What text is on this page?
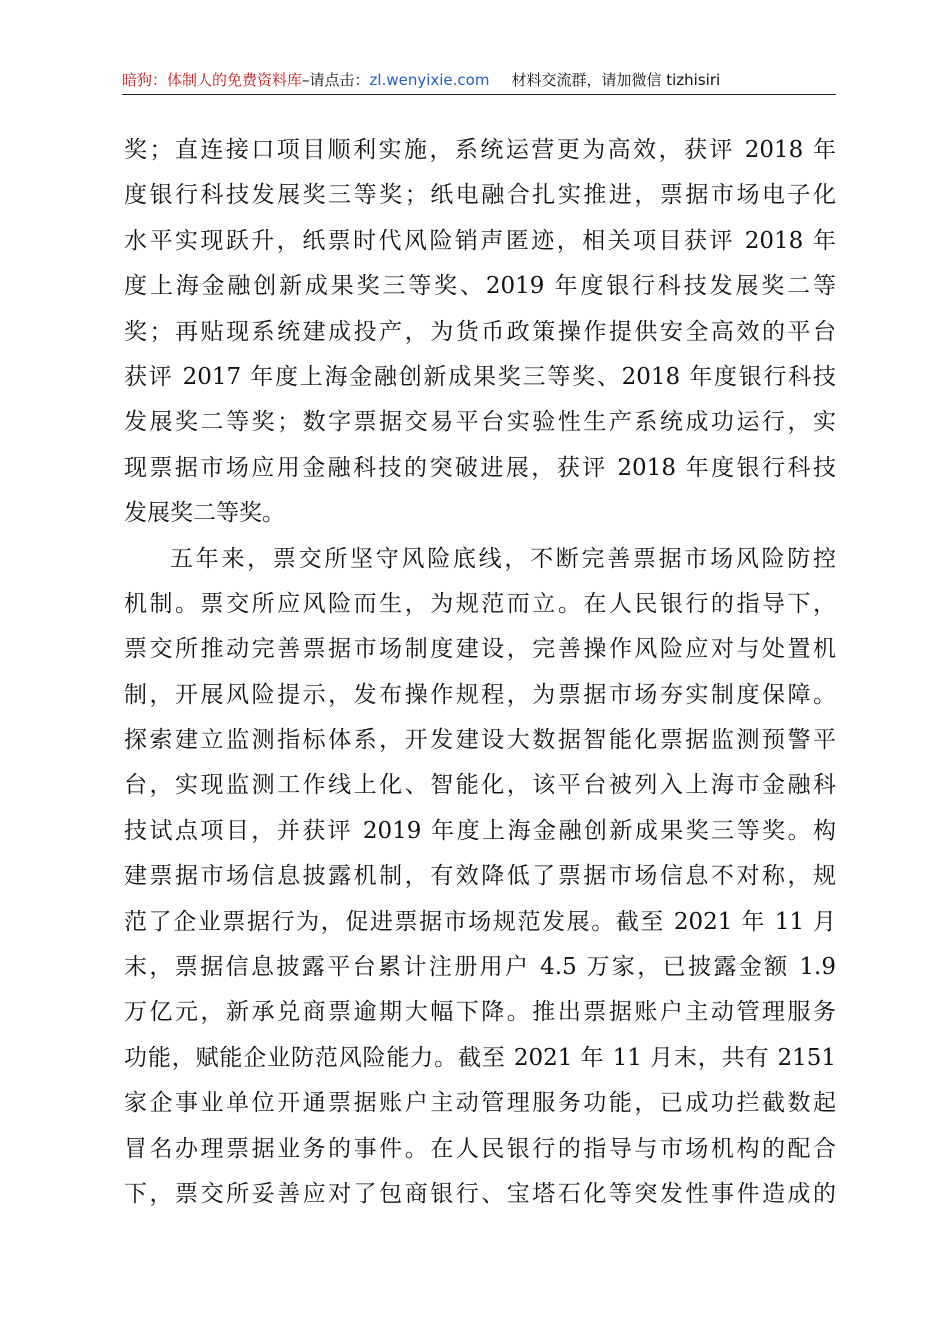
暗狗：体制人的免费资料库–请点击：zl.wenyixie.com 材料交流群，请加微信 tizhisiri

奖；直连接口项目顺利实施，系统运营更为高效，获评 2018 年
度银行科技发展奖三等奖；纸电融合扎实推进，票据市场电子化
水平实现跃升，纸票时代风险销声匿迹，相关项目获评 2018 年
度上海金融创新成果奖三等奖、2019 年度银行科技发展奖二等
奖；再贴现系统建成投产，为货币政策操作提供安全高效的平台
获评 2017 年度上海金融创新成果奖三等奖、2018 年度银行科技
发展奖二等奖；数字票据交易平台实验性生产系统成功运行，实
现票据市场应用金融科技的突破进展，获评 2018 年度银行科技
发展奖二等奖。

五年来，票交所坚守风险底线，不断完善票据市场风险防控
机制。票交所应风险而生，为规范而立。在人民银行的指导下，
票交所推动完善票据市场制度建设，完善操作风险应对与处置机
制，开展风险提示，发布操作规程，为票据市场夯实制度保障。
探索建立监测指标体系，开发建设大数据智能化票据监测预警平
台，实现监测工作线上化、智能化，该平台被列入上海市金融科
技试点项目，并获评 2019 年度上海金融创新成果奖三等奖。构
建票据市场信息披露机制，有效降低了票据市场信息不对称，规
范了企业票据行为，促进票据市场规范发展。截至 2021 年 11 月
末，票据信息披露平台累计注册用户 4.5 万家，已披露金额 1.9
万亿元，新承兑商票逾期大幅下降。推出票据账户主动管理服务
功能，赋能企业防范风险能力。截至 2021 年 11 月末，共有 2151
家企事业单位开通票据账户主动管理服务功能，已成功拦截数起
冒名办理票据业务的事件。在人民银行的指导与市场机构的配合
下，票交所妥善应对了包商银行、宝塔石化等突发性事件造成的
